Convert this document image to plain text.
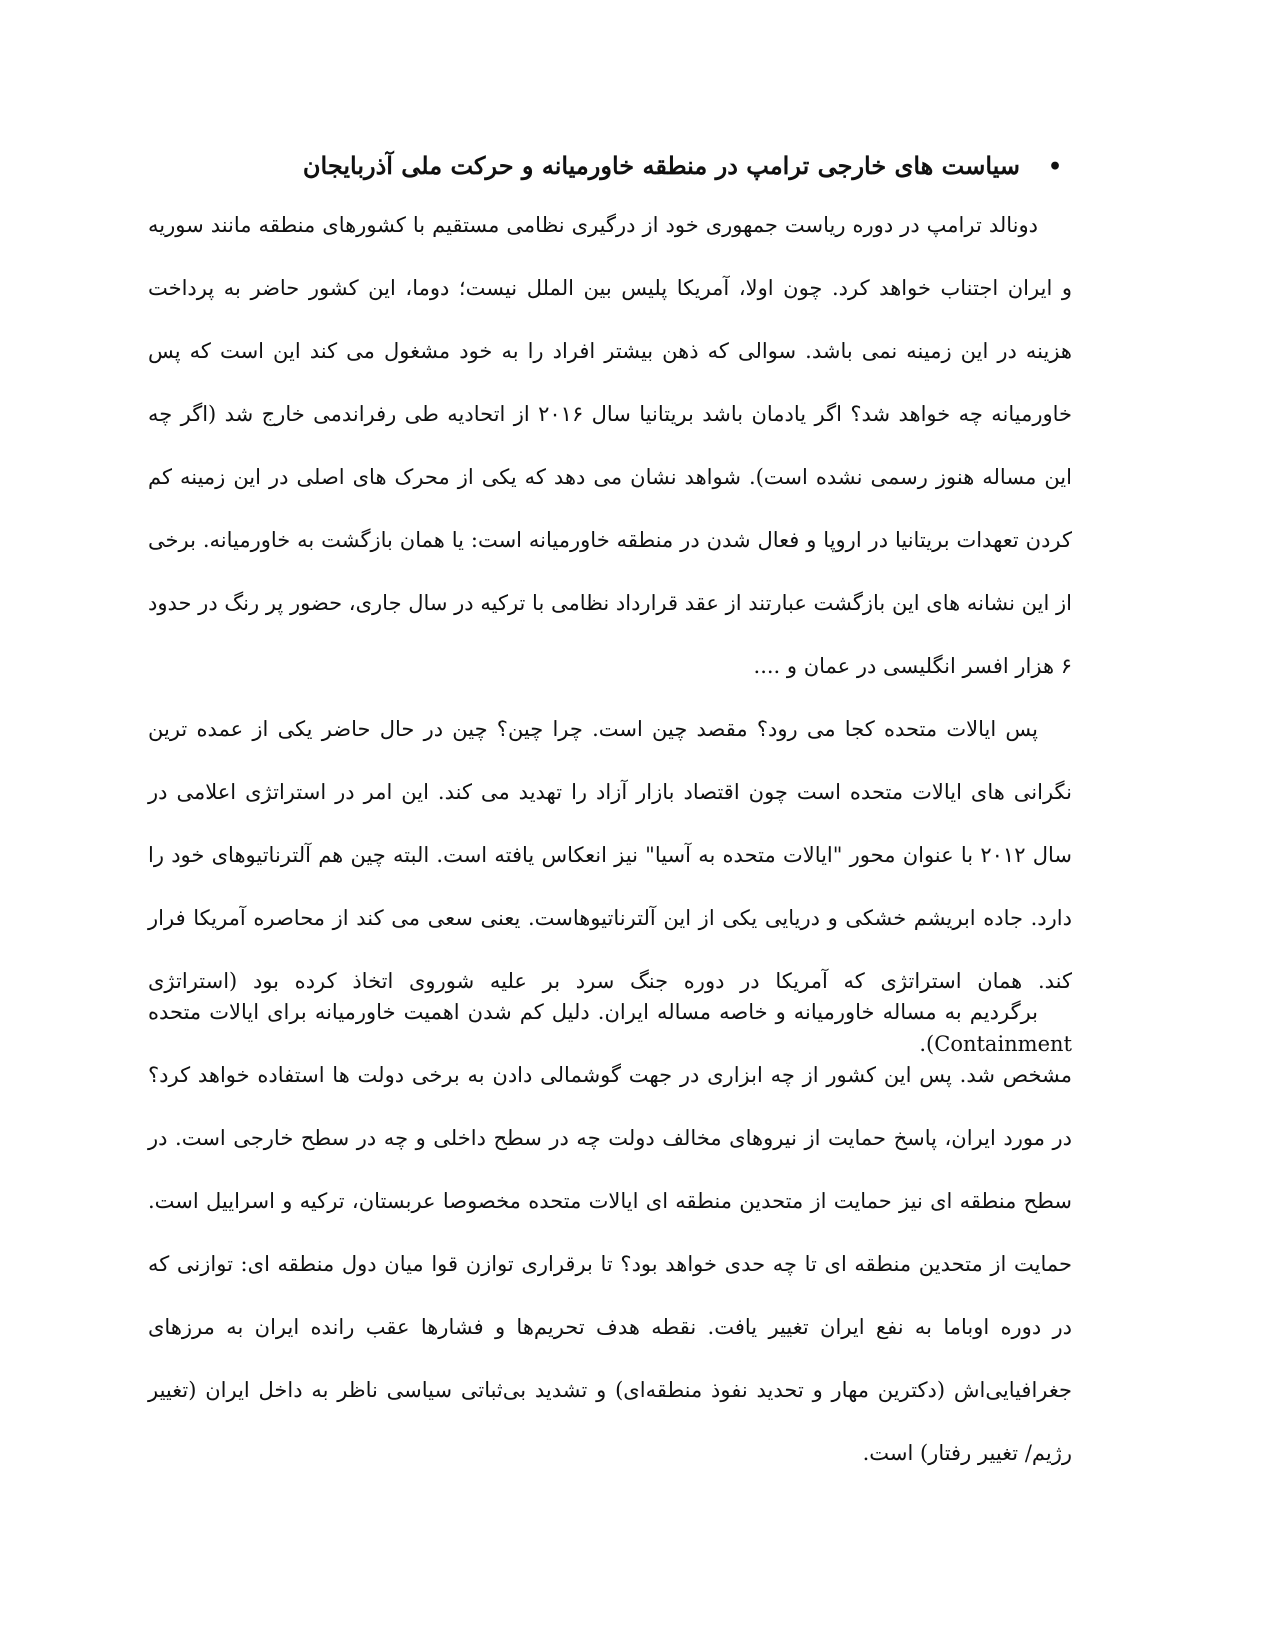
•سیاست های خارجی ترامپ در منطقه خاورمیانه و حرکت ملی آذربایجان

دونالد ترامپ در دوره ریاست جمهوری خود از درگیری نظامی مستقیم با کشورهای منطقه مانند سوریه و ایران اجتناب خواهد کرد. چون اولا، آمریکا پلیس بین الملل نیست؛ دوما، این کشور حاضر به پرداخت هزینه در این زمینه نمی باشد. سوالی که ذهن بیشتر افراد را به خود مشغول می کند این است که پس خاورمیانه چه خواهد شد؟ اگر یادمان باشد بریتانیا سال ۲۰۱۶ از اتحادیه طی رفراندمی خارج شد (اگر چه این مساله هنوز رسمی نشده است). شواهد نشان می دهد که یکی از محرک های اصلی در این زمینه کم کردن تعهدات بریتانیا در اروپا و فعال شدن در منطقه خاورمیانه است: یا همان بازگشت به خاورمیانه. برخی از این نشانه های این بازگشت عبارتند از عقد قرارداد نظامی با ترکیه در سال جاری، حضور پر رنگ در حدود ۶ هزار افسر انگلیسی در عمان و ....

پس ایالات متحده کجا می رود؟ مقصد چین است. چرا چین؟ چین در حال حاضر یکی از عمده ترین نگرانی های ایالات متحده است چون اقتصاد بازار آزاد را تهدید می کند. این امر در استراتژی اعلامی در سال ۲۰۱۲ با عنوان محور "ایالات متحده به آسیا" نیز انعکاس یافته است. البته چین هم آلترناتیوهای خود را دارد. جاده ابریشم خشکی و دریایی یکی از این آلترناتیوهاست. یعنی سعی می کند از محاصره آمریکا فرار کند. همان استراتژی که آمریکا در دوره جنگ سرد بر علیه شوروی اتخاذ کرده بود (استراتژی Containment).

برگردیم به مساله خاورمیانه و خاصه مساله ایران. دلیل کم شدن اهمیت خاورمیانه برای ایالات متحده مشخص شد. پس این کشور از چه ابزاری در جهت گوشمالی دادن به برخی دولت ها استفاده خواهد کرد؟ در مورد ایران، پاسخ حمایت از نیروهای مخالف دولت چه در سطح داخلی و چه در سطح خارجی است. در سطح منطقه ای نیز حمایت از متحدین منطقه ای ایالات متحده مخصوصا عربستان، ترکیه و اسراییل است. حمایت از متحدین منطقه ای تا چه حدی خواهد بود؟ تا برقراری توازن قوا میان دول منطقه ای: توازنی که در دوره اوباما به نفع ایران تغییر یافت. نقطه هدف تحریم‌ها و فشارها عقب رانده ایران به مرزهای جغرافیایی‌اش (دکترین مهار و تحدید نفوذ منطقه‌ای) و تشدید بی‌ثباتی سیاسی ناظر به داخل ایران (تغییر رژیم/ تغییر رفتار) است.
